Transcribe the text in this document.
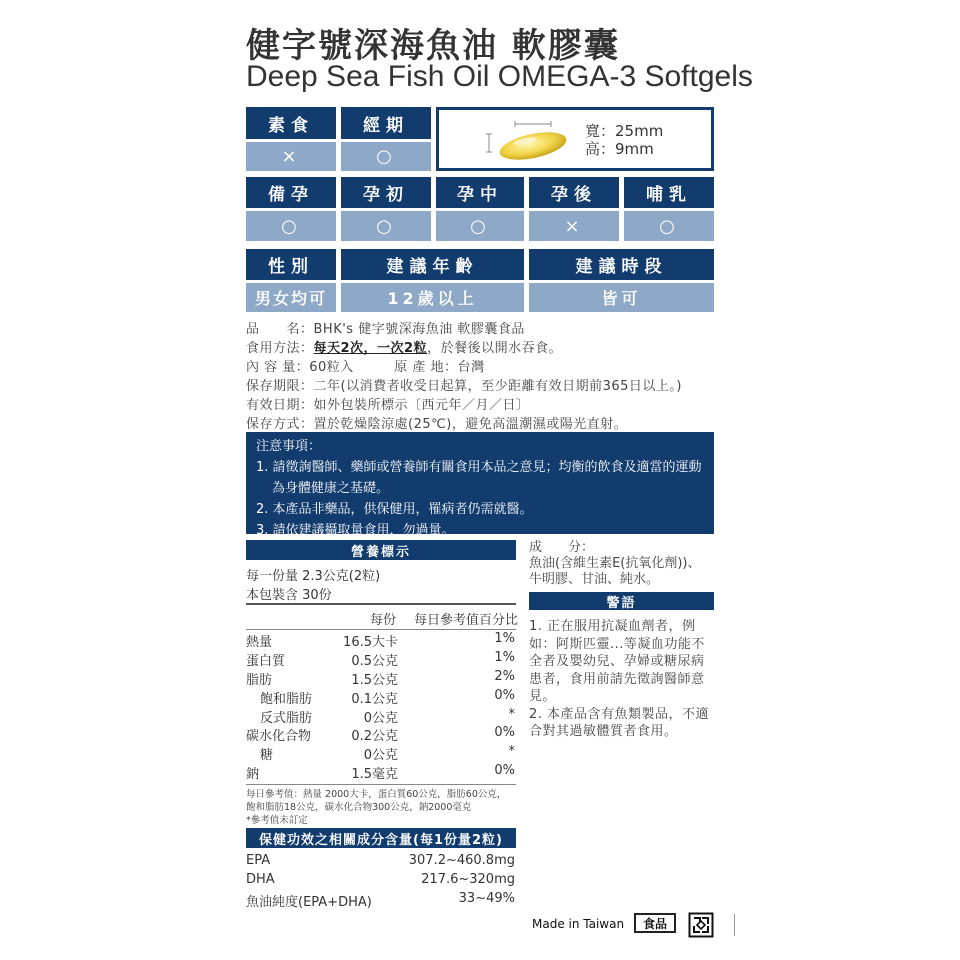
健字號深海魚油 軟膠囊
Deep Sea Fish Oil OMEGA-3 Softgels
素食	經期
×	○
寬：25mm
高：9mm
備孕	孕初	孕中	孕後	哺乳
○	○	○	×	○
性別	建議年齡	建議時段
男女均可	12歲以上	皆可
品　　名：BHK's 健字號深海魚油 軟膠囊食品
食用方法：每天2次，一次2粒，於餐後以開水吞食。
內 容 量：60粒入　　　原 產 地：台灣
保存期限：二年(以消費者收受日起算，至少距離有效日期前365日以上。)
有效日期：如外包裝所標示〔西元年／月／日〕
保存方式：置於乾燥陰涼處(25℃)，避免高溫潮濕或陽光直射。
注意事項：
1. 請徵詢醫師、藥師或營養師有關食用本品之意見；均衡的飲食及適當的運動
為身體健康之基礎。
2. 本產品非藥品，供保健用，罹病者仍需就醫。
3. 請依建議攝取量食用，勿過量。
營養標示
每一份量 2.3公克(2粒)
本包裝含 30份
每份 每日參考值百分比
熱量	16.5大卡	1%
蛋白質	0.5公克	1%
脂肪	1.5公克	2%
飽和脂肪	0.1公克	0%
反式脂肪	0公克	*
碳水化合物	0.2公克	0%
糖	0公克	*
鈉	1.5毫克	0%
每日參考值：熱量 2000大卡，蛋白質60公克，脂肪60公克，
飽和脂肪18公克，碳水化合物300公克，鈉2000毫克
*參考值未訂定
保健功效之相關成分含量(每1份量2粒)
EPA	307.2~460.8mg
DHA	217.6~320mg
魚油純度(EPA+DHA)	33~49%
成　　分：
魚油(含維生素E(抗氧化劑))、
牛明膠、甘油、純水。
警語
1. 正在服用抗凝血劑者，例如：阿斯匹靈...等凝血功能不全者及嬰幼兒、孕婦或糖尿病患者，食用前請先徵詢醫師意見。
2. 本產品含有魚類製品，不適合對其過敏體質者食用。
Made in Taiwan	食品
